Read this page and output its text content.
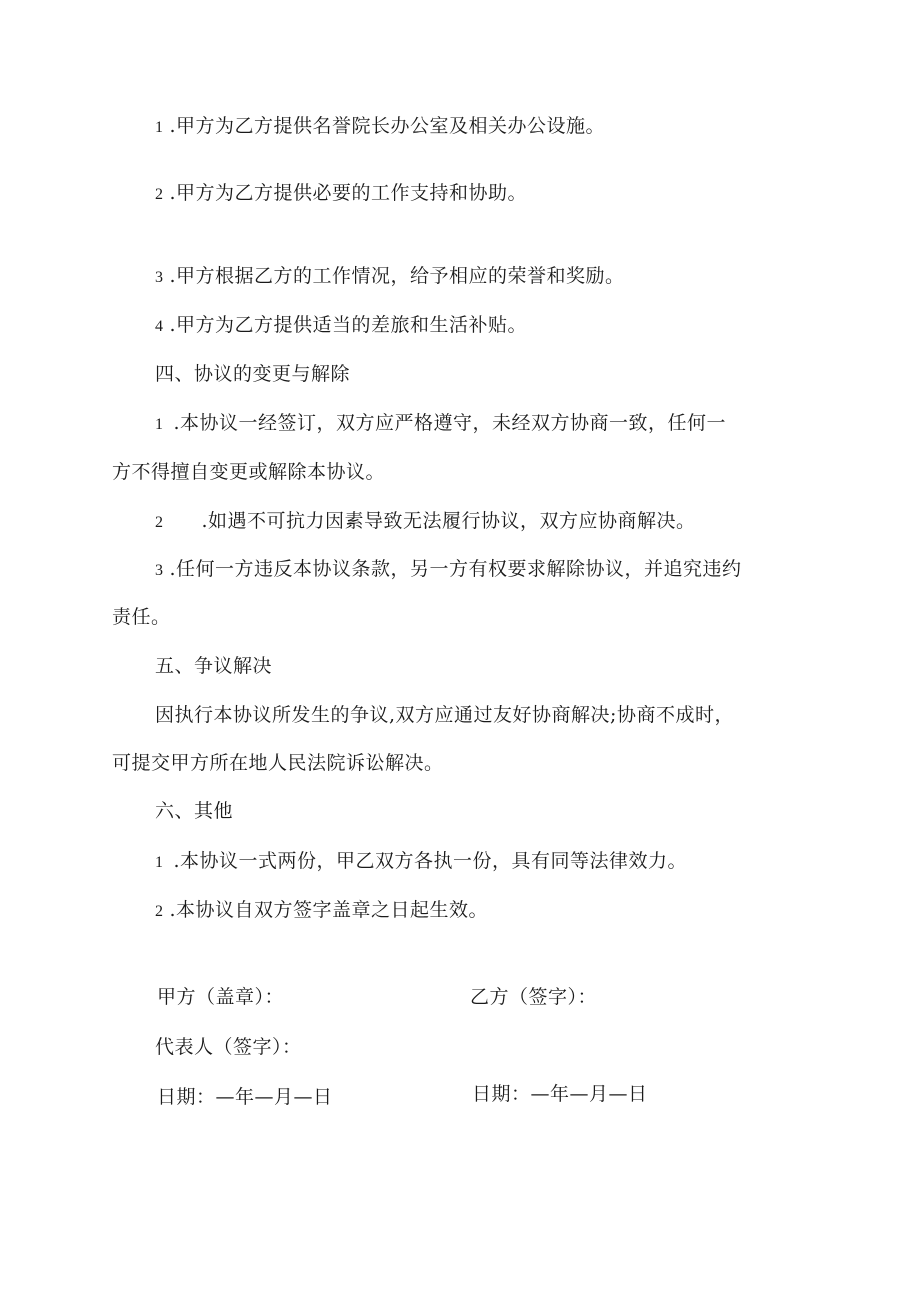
1 .甲方为乙方提供名誉院长办公室及相关办公设施。
2 .甲方为乙方提供必要的工作支持和协助。
3 .甲方根据乙方的工作情况，给予相应的荣誉和奖励。
4 .甲方为乙方提供适当的差旅和生活补贴。
四、协议的变更与解除
1 .本协议一经签订，双方应严格遵守，未经双方协商一致，任何一
方不得擅自变更或解除本协议。
2 .如遇不可抗力因素导致无法履行协议，双方应协商解决。
3 .任何一方违反本协议条款，另一方有权要求解除协议，并追究违约
责任。
五、争议解决
因执行本协议所发生的争议,双方应通过友好协商解决;协商不成时，
可提交甲方所在地人民法院诉讼解决。
六、其他
1 .本协议一式两份，甲乙双方各执一份，具有同等法律效力。
2 .本协议自双方签字盖章之日起生效。
甲方（盖章）：	乙方（签字）：
代表人（签字）：
日期：—年—月—日	日期：—年—月—日
